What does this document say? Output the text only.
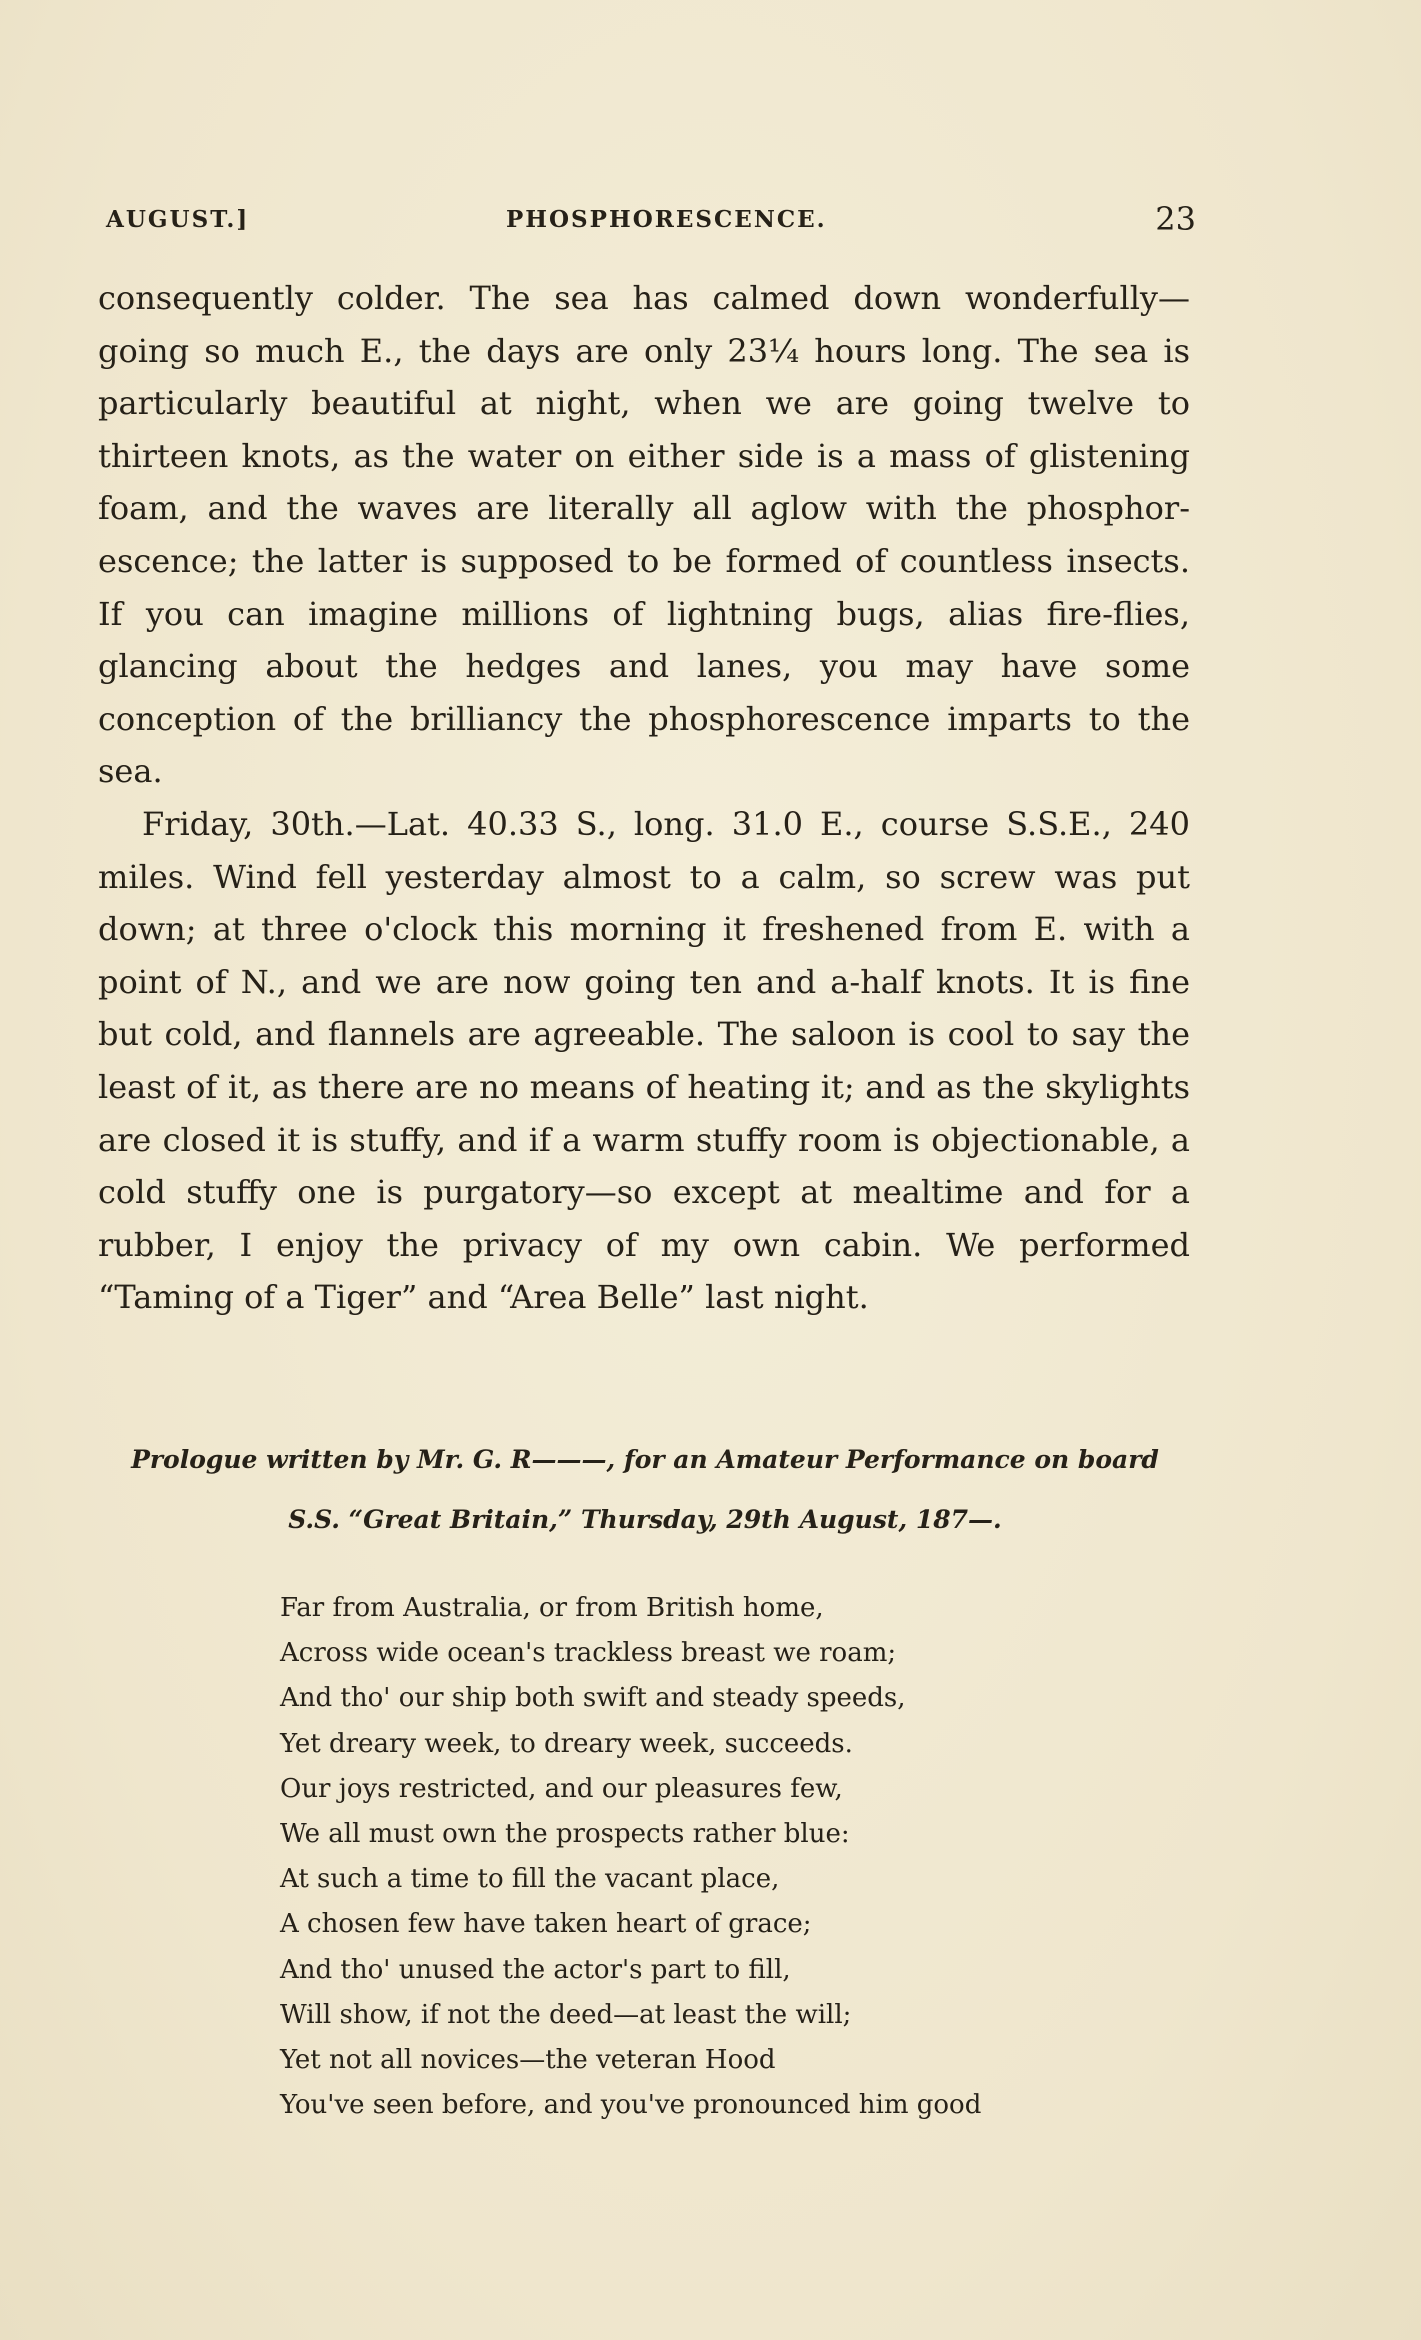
AUGUST.]	PHOSPHORESCENCE.	23

consequently colder. The sea has calmed down wonderfully— going so much E., the days are only 23¼ hours long. The sea is particularly beautiful at night, when we are going twelve to thirteen knots, as the water on either side is a mass of glistening foam, and the waves are literally all aglow with the phosphor- escence; the latter is supposed to be formed of countless insects. If you can imagine millions of lightning bugs, alias fire-flies, glancing about the hedges and lanes, you may have some conception of the brilliancy the phosphorescence imparts to the sea.

Friday, 30th.—Lat. 40.33 S., long. 31.0 E., course S.S.E., 240 miles. Wind fell yesterday almost to a calm, so screw was put down; at three o'clock this morning it freshened from E. with a point of N., and we are now going ten and a-half knots. It is fine but cold, and flannels are agreeable. The saloon is cool to say the least of it, as there are no means of heating it; and as the skylights are closed it is stuffy, and if a warm stuffy room is objectionable, a cold stuffy one is purgatory—so except at mealtime and for a rubber, I enjoy the privacy of my own cabin. We performed “Taming of a Tiger” and “Area Belle” last night.

Prologue written by Mr. G. R———, for an Amateur Performance on board
S.S. “Great Britain,” Thursday, 29th August, 187—.
Far from Australia, or from British home,
Across wide ocean's trackless breast we roam;
And tho' our ship both swift and steady speeds,
Yet dreary week, to dreary week, succeeds.
Our joys restricted, and our pleasures few,
We all must own the prospects rather blue:
At such a time to fill the vacant place,
A chosen few have taken heart of grace;
And tho' unused the actor's part to fill,
Will show, if not the deed—at least the will;
Yet not all novices—the veteran Hood
You've seen before, and you've pronounced him good
